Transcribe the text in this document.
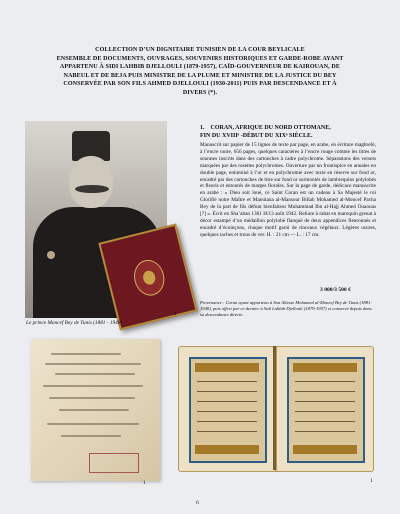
COLLECTION D’UN DIGNITAIRE TUNISIEN DE LA COUR BEYLICALE
ENSEMBLE DE DOCUMENTS, OUVRAGES, SOUVENIRS HISTORIQUES ET GARDE-ROBE AYANT
APPARTENU À SIDI LAHBIB DJELLOULI (1879-1957), CAÏD-GOUVERNEUR DE KAIROUAN, DE
NABEUL ET DE BEJA PUIS MINISTRE DE LA PLUME ET MINISTRE DE LA JUSTICE DU BEY
CONSERVÉE PAR SON FILS AHMED DJELLOULI (1930-2011) PUIS PAR DESCENDANCE ET À
DIVERS (*).
1
Le prince Moncef Bey de Tunis (1881 - 1948)
1.    CORAN, AFRIQUE DU NORD OTTOMANE,
FIN DU XVIIIᵉ -DÉBUT DU XIXᵉ SIÈCLE.
Manuscrit sur papier de 15 lignes de texte par page, en arabe, en écriture maghrebi, à l’encre noire, 656 pages, quelques caractères à l’encre rouge comme les titres de sourates inscrits dans des cartouches à cadre polychrome. Séparations des versets marquées par des rosettes polychromes. Ouverture par un frontispice en annales en double page, enluminé à l’or et en polychromie avec texte en réserve sur fond or, encadré par des cartouches de titre sur fond or surmontés de lambrequins polylobés et fleuris et entourés de marges florales. Sur la page de garde, dédicace manuscrite en arabe : « Dieu soit loué, ce Saint Coran est un cadeau à Sa Majesté le roi Glorifié notre Maître et Maoulana al-Mansour Billah Mohamed al-Moncef Pacha Bey de la part de fils défunt bienfaiteur Muhammad Ibn al-Hajj Ahmed Ouaouas [?] ». Écrit en Sha’aban 1361 H/13 août 1942. Reliure à rabat en maroquin grenat à décor estampé d’un médaillon polylobé flanqué de deux appendices fleuronnés et encadré d’écoinçons, chaque motif garni de rinceaux végétaux. Légères usures, quelques taches et trous de ver. H. : 21 cm — L. : 17 cm.
3 000/3 500 €
Provenance : Coran ayant appartenu à Son Altesse Mohamed al-Moncef Bey de Tunis (1881-1948), puis offert par ce dernier à Sidi Lahbib Djellouli (1879-1957) et conservé depuis dans sa descendance directe.
1	1
6
